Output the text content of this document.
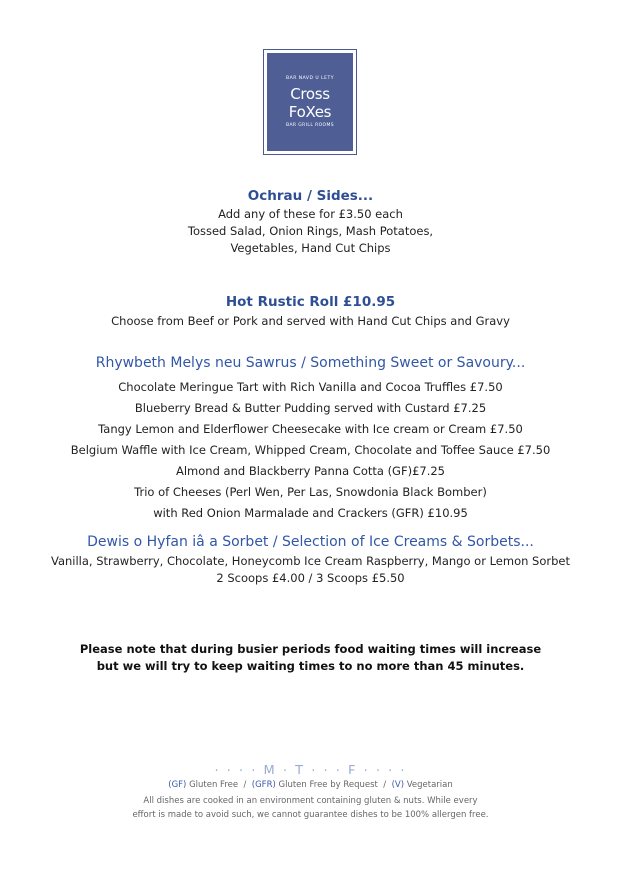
BAR NAVD U LETY
Cross
FoXes
BAR GRILL ROOMS
Ochrau / Sides...
Add any of these for £3.50 each
Tossed Salad, Onion Rings, Mash Potatoes,
Vegetables, Hand Cut Chips
Hot Rustic Roll £10.95
Choose from Beef or Pork and served with Hand Cut Chips and Gravy
Rhywbeth Melys neu Sawrus / Something Sweet or Savoury...
Chocolate Meringue Tart with Rich Vanilla and Cocoa Truffles £7.50
Blueberry Bread & Butter Pudding served with Custard £7.25
Tangy Lemon and Elderflower Cheesecake with Ice cream or Cream £7.50
Belgium Waffle with Ice Cream, Whipped Cream, Chocolate and Toffee Sauce £7.50
Almond and Blackberry Panna Cotta (GF)£7.25
Trio of Cheeses (Perl Wen, Per Las, Snowdonia Black Bomber)
with Red Onion Marmalade and Crackers (GFR) £10.95
Dewis o Hyfan iâ a Sorbet / Selection of Ice Creams & Sorbets...
Vanilla, Strawberry, Chocolate, Honeycomb Ice Cream Raspberry, Mango or Lemon Sorbet
2 Scoops £4.00 / 3 Scoops £5.50
Please note that during busier periods food waiting times will increase
but we will try to keep waiting times to no more than 45 minutes.
· · · · M · T · · · F · · · ·
(GF) Gluten Free / (GFR) Gluten Free by Request / (V) Vegetarian
All dishes are cooked in an environment containing gluten & nuts. While every
effort is made to avoid such, we cannot guarantee dishes to be 100% allergen free.
